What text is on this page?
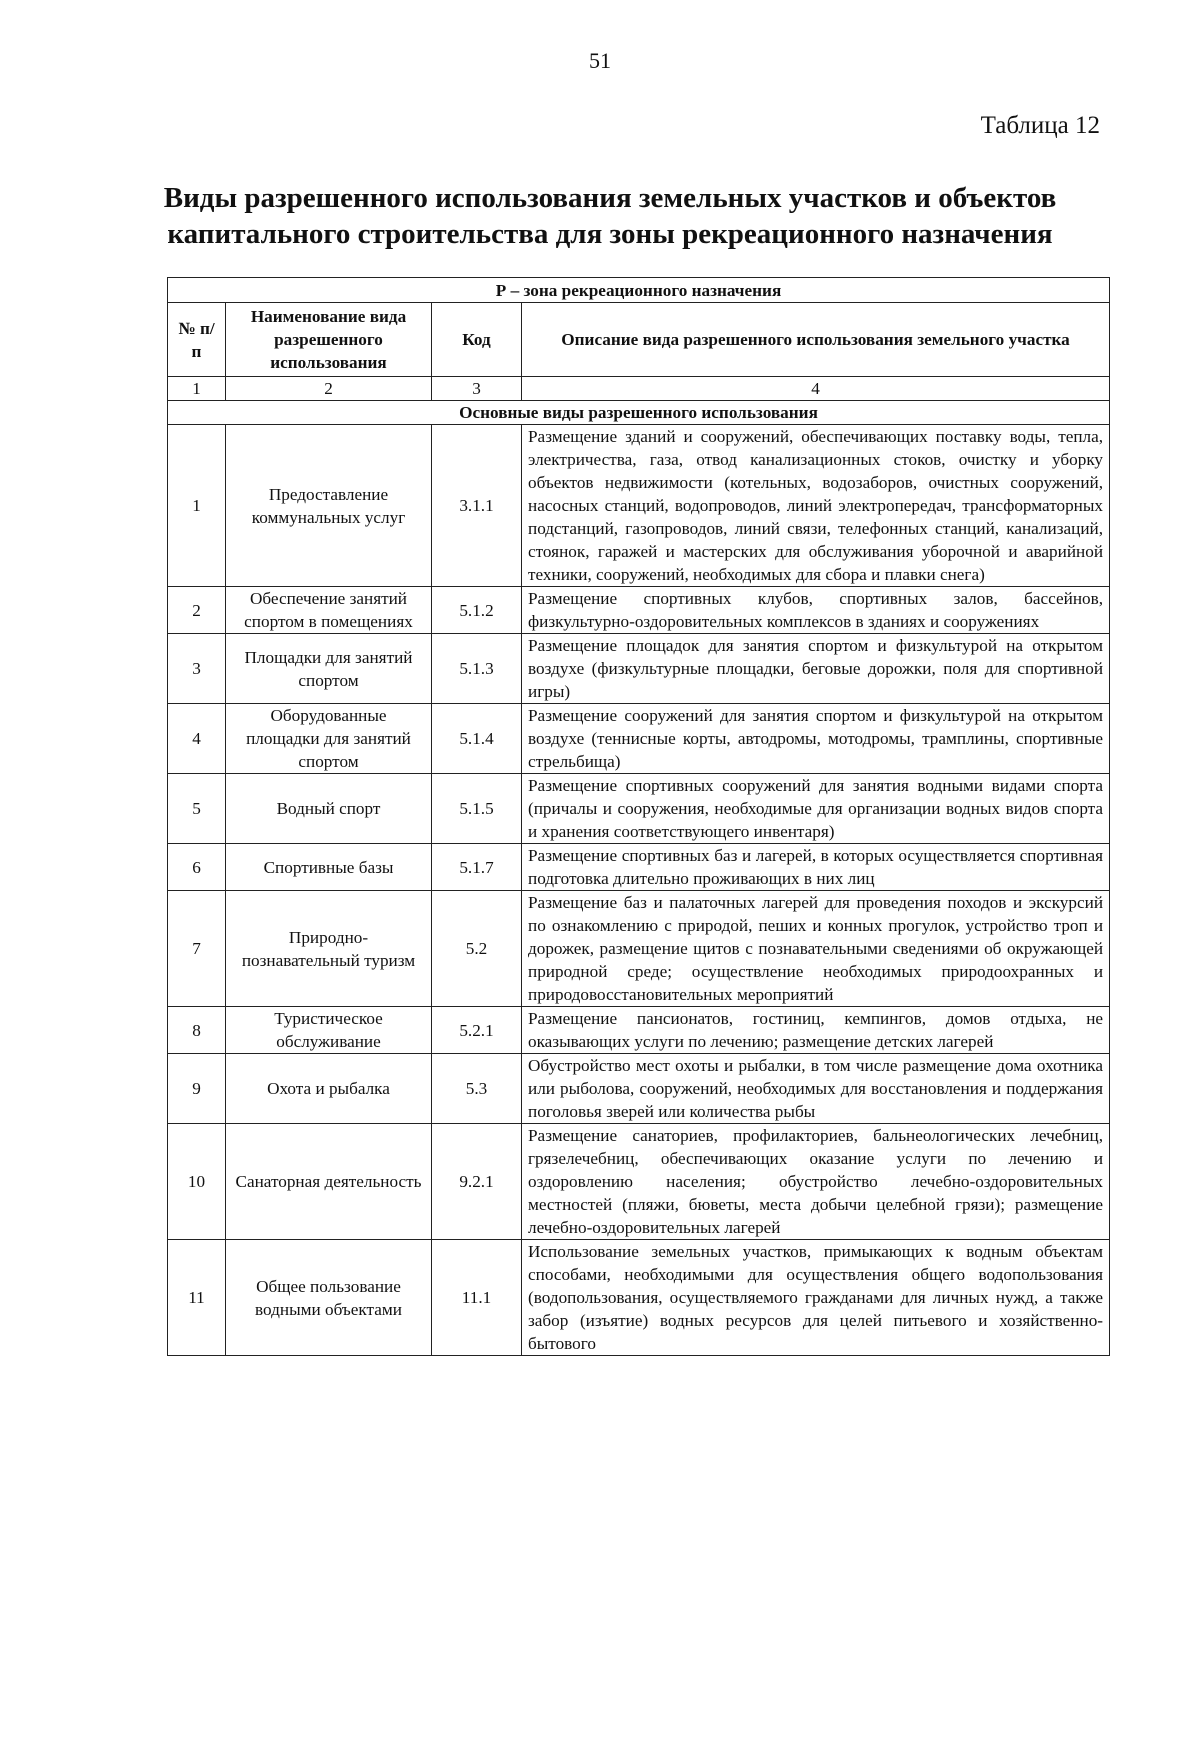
51
Таблица 12
Виды разрешенного использования земельных участков и объектов
капитального строительства для зоны рекреационного назначения
Р – зона рекреационного назначения			
№ п/п	Наименование вида разрешенного использования	Код	Описание вида разрешенного использования земельного участка
1	2	3	4
Основные виды разрешенного использования			
1	Предоставление коммунальных услуг	3.1.1	Размещение зданий и сооружений, обеспечивающих поставку воды, тепла, электричества, газа, отвод канализационных стоков, очистку и уборку объектов недвижимости (котельных, водозаборов, очистных сооружений, насосных станций, водопроводов, линий электропередач, трансформаторных подстанций, газопроводов, линий связи, телефонных станций, канализаций, стоянок, гаражей и мастерских для обслуживания уборочной и аварийной техники, сооружений, необходимых для сбора и плавки снега)
2	Обеспечение занятий спортом в помещениях	5.1.2	Размещение спортивных клубов, спортивных залов, бассейнов, физкультурно-оздоровительных комплексов в зданиях и сооружениях
3	Площадки для занятий спортом	5.1.3	Размещение площадок для занятия спортом и физкультурой на открытом воздухе (физкультурные площадки, беговые дорожки, поля для спортивной игры)
4	Оборудованные площадки для занятий спортом	5.1.4	Размещение сооружений для занятия спортом и физкультурой на открытом воздухе (теннисные корты, автодромы, мотодромы, трамплины, спортивные стрельбища)
5	Водный спорт	5.1.5	Размещение спортивных сооружений для занятия водными видами спорта (причалы и сооружения, необходимые для организации водных видов спорта и хранения соответствующего инвентаря)
6	Спортивные базы	5.1.7	Размещение спортивных баз и лагерей, в которых осуществляется спортивная подготовка длительно проживающих в них лиц
7	Природно-познавательный туризм	5.2	Размещение баз и палаточных лагерей для проведения походов и экскурсий по ознакомлению с природой, пеших и конных прогулок, устройство троп и дорожек, размещение щитов с познавательными сведениями об окружающей природной среде; осуществление необходимых природоохранных и природовосстановительных мероприятий
8	Туристическое обслуживание	5.2.1	Размещение пансионатов, гостиниц, кемпингов, домов отдыха, не оказывающих услуги по лечению; размещение детских лагерей
9	Охота и рыбалка	5.3	Обустройство мест охоты и рыбалки, в том числе размещение дома охотника или рыболова, сооружений, необходимых для восстановления и поддержания поголовья зверей или количества рыбы
10	Санаторная деятельность	9.2.1	Размещение санаториев, профилакториев, бальнеологических лечебниц, грязелечебниц, обеспечивающих оказание услуги по лечению и оздоровлению населения; обустройство лечебно-оздоровительных местностей (пляжи, бюветы, места добычи целебной грязи); размещение лечебно-оздоровительных лагерей
11	Общее пользование водными объектами	11.1	Использование земельных участков, примыкающих к водным объектам способами, необходимыми для осуществления общего водопользования (водопользования, осуществляемого гражданами для личных нужд, а также забор (изъятие) водных ресурсов для целей питьевого и хозяйственно-бытового
